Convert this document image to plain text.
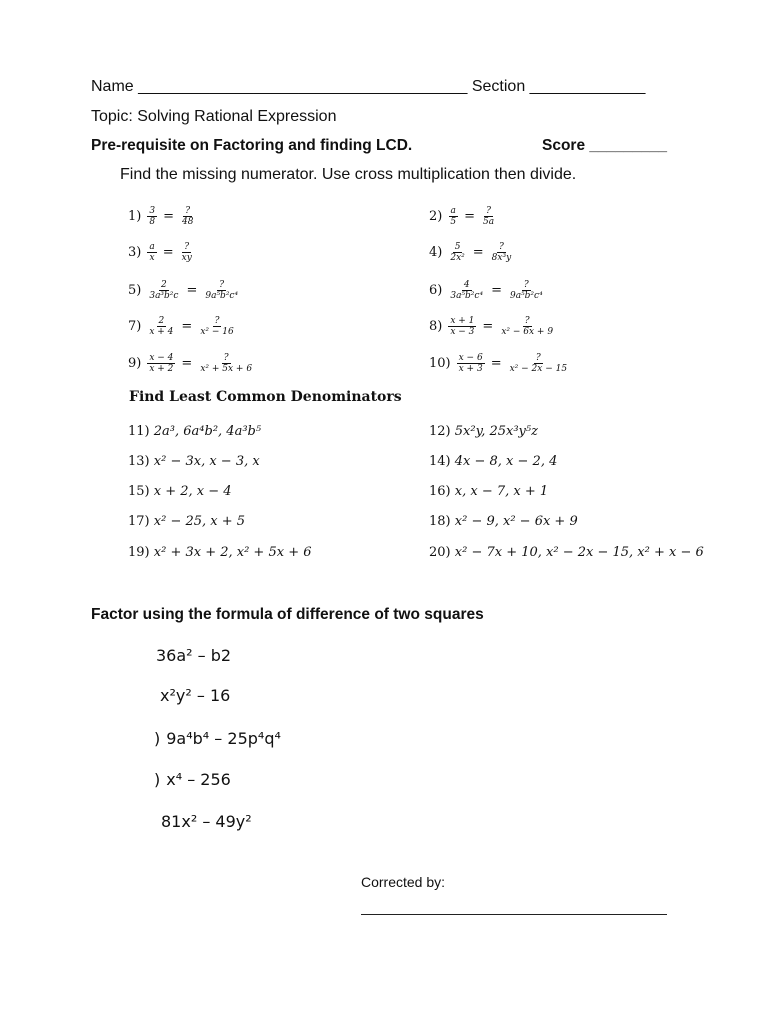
Name _____________________________________ Section _____________
Topic: Solving Rational Expression
Pre-requisite on Factoring and finding LCD.	Score _________
Find the missing numerator. Use cross multiplication then divide.
$1) \frac{3}{8} = \frac{?}{48}$	$2) \frac{a}{5} = \frac{?}{5a}$
$3) \frac{a}{x} = \frac{?}{xy}$	$4) \frac{5}{\text{2x²}} = \frac{?}{\text{8x³y}}$
$5) \frac{2}{\text{3a³b²c}} = \frac{?}{\text{9a⁵b²c⁴}}$	$6) \frac{4}{\text{3a⁵b²c⁴}} = \frac{?}{\text{9a⁵b²c⁴}}$
$7) \frac{2}{x + 4} = \frac{?}{\text{x² − 16}}$	$8) \frac{x + 1}{x - 3} = \frac{?}{\text{x² − 6x + 9}}$
$9) \frac{x - 4}{x + 2} = \frac{?}{\text{x² + 5x + 6}}$	$10) \frac{x - 6}{x + 3} = \frac{?}{\text{x² − 2x − 15}}$
Find Least Common Denominators
11) 2a³, 6a⁴b², 4a³b⁵	12) 5x²y, 25x³y⁵z
13) x² − 3x, x − 3, x	14) 4x − 8, x − 2, 4
15) x + 2, x − 4	16) x, x − 7, x + 1
17) x² − 25, x + 5	18) x² − 9, x² − 6x + 9
19) x² + 3x + 2, x² + 5x + 6	20) x² − 7x + 10, x² − 2x − 15, x² + x − 6
Factor using the formula of difference of two squares
36a² – b2
x²y² – 16
) 9a⁴b⁴ – 25p⁴q⁴
) x⁴ – 256
81x² – 49y²
Corrected by:
